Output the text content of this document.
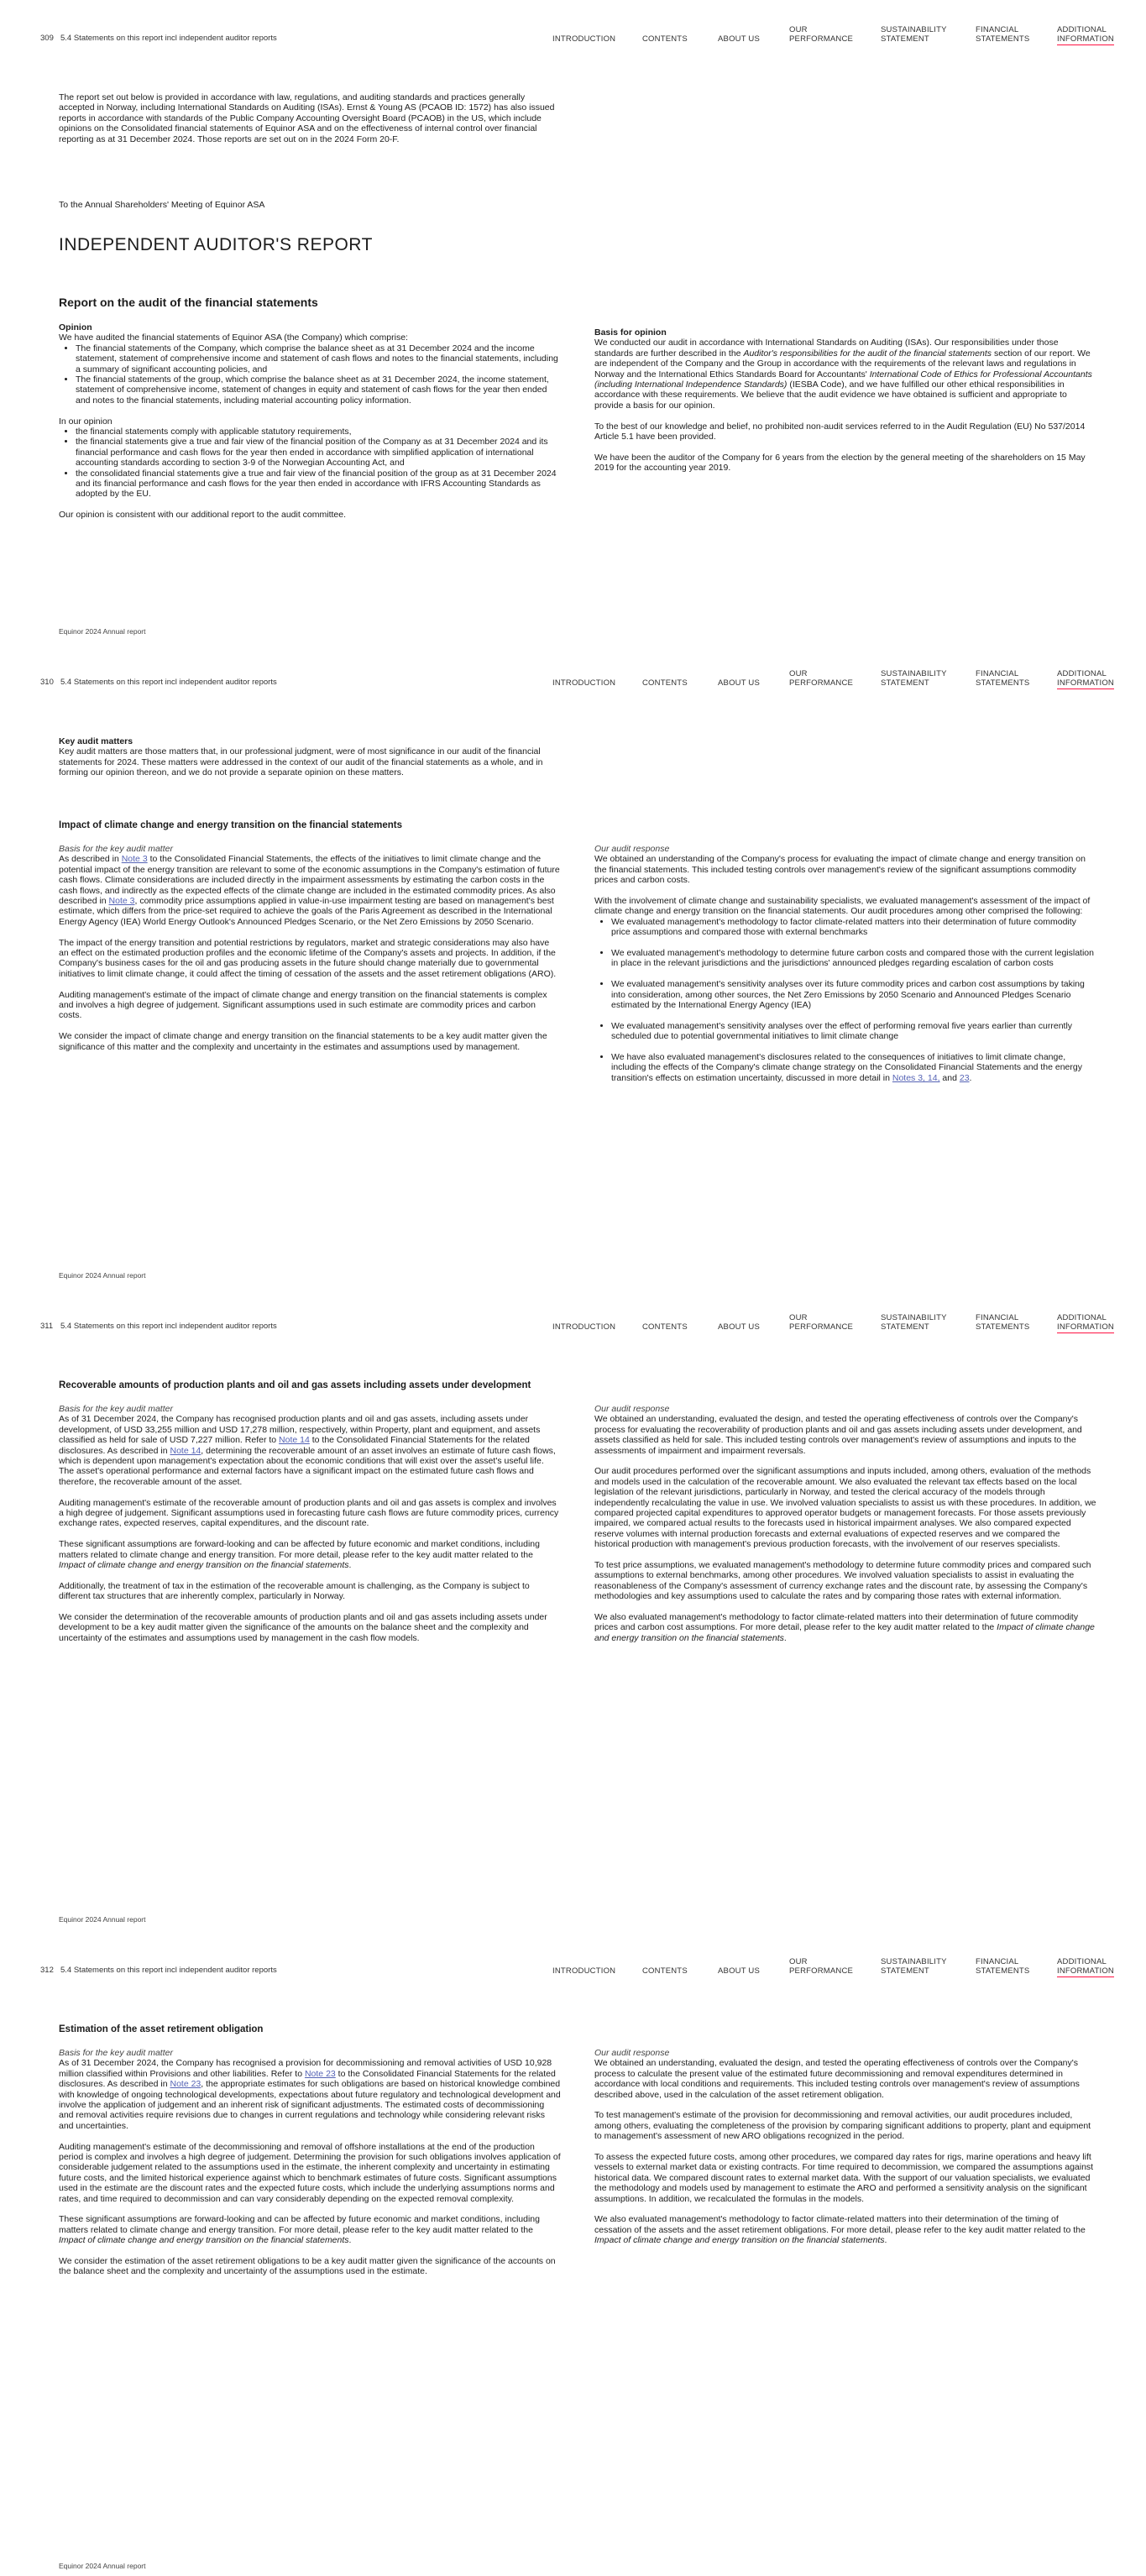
309 5.4 Statements on this report incl independent auditor reports	INTRODUCTION	CONTENTS	ABOUT US
OUR
PERFORMANCE
SUSTAINABILITY
STATEMENT
FINANCIAL
STATEMENTS
ADDITIONAL
INFORMATION

The report set out below is provided in accordance with law, regulations, and auditing standards and practices generally accepted in Norway, including International Standards on Auditing (ISAs). Ernst & Young AS (PCAOB ID: 1572) has also issued reports in accordance with standards of the Public Company Accounting Oversight Board (PCAOB) in the US, which include opinions on the Consolidated financial statements of Equinor ASA and on the effectiveness of internal control over financial reporting as at 31 December 2024. Those reports are set out on in the 2024 Form 20-F.

To the Annual Shareholders' Meeting of Equinor ASA

INDEPENDENT AUDITOR'S REPORT
Report on the audit of the financial statements
Opinion

We have audited the financial statements of Equinor ASA (the Company) which comprise:

• The financial statements of the Company, which comprise the balance sheet as at 31 December 2024 and the income statement, statement of comprehensive income and statement of cash flows and notes to the financial statements, including a summary of significant accounting policies, and
• The financial statements of the group, which comprise the balance sheet as at 31 December 2024, the income statement, statement of comprehensive income, statement of changes in equity and statement of cash flows for the year then ended and notes to the financial statements, including material accounting policy information.

In our opinion

• the financial statements comply with applicable statutory requirements,
• the financial statements give a true and fair view of the financial position of the Company as at 31 December 2024 and its financial performance and cash flows for the year then ended in accordance with simplified application of international accounting standards according to section 3-9 of the Norwegian Accounting Act, and
• the consolidated financial statements give a true and fair view of the financial position of the group as at 31 December 2024 and its financial performance and cash flows for the year then ended in accordance with IFRS Accounting Standards as adopted by the EU.

Our opinion is consistent with our additional report to the audit committee.

Basis for opinion

We conducted our audit in accordance with International Standards on Auditing (ISAs). Our responsibilities under those standards are further described in the Auditor's responsibilities for the audit of the financial statements section of our report. We are independent of the Company and the Group in accordance with the requirements of the relevant laws and regulations in Norway and the International Ethics Standards Board for Accountants' International Code of Ethics for Professional Accountants (including International Independence Standards) (IESBA Code), and we have fulfilled our other ethical responsibilities in accordance with these requirements. We believe that the audit evidence we have obtained is sufficient and appropriate to provide a basis for our opinion.

To the best of our knowledge and belief, no prohibited non-audit services referred to in the Audit Regulation (EU) No 537/2014 Article 5.1 have been provided.

We have been the auditor of the Company for 6 years from the election by the general meeting of the shareholders on 15 May 2019 for the accounting year 2019.

Equinor 2024 Annual report
310 5.4 Statements on this report incl independent auditor reports	INTRODUCTION	CONTENTS	ABOUT US
OUR
PERFORMANCE
SUSTAINABILITY
STATEMENT
FINANCIAL
STATEMENTS
ADDITIONAL
INFORMATION
Key audit matters

Key audit matters are those matters that, in our professional judgment, were of most significance in our audit of the financial statements for 2024. These matters were addressed in the context of our audit of the financial statements as a whole, and in forming our opinion thereon, and we do not provide a separate opinion on these matters.

Impact of climate change and energy transition on the financial statements

Basis for the key audit matter

As described in Note 3 to the Consolidated Financial Statements, the effects of the initiatives to limit climate change and the potential impact of the energy transition are relevant to some of the economic assumptions in the Company's estimation of future cash flows. Climate considerations are included directly in the impairment assessments by estimating the carbon costs in the cash flows, and indirectly as the expected effects of the climate change are included in the estimated commodity prices. As also described in Note 3, commodity price assumptions applied in value-in-use impairment testing are based on management's best estimate, which differs from the price-set required to achieve the goals of the Paris Agreement as described in the International Energy Agency (IEA) World Energy Outlook's Announced Pledges Scenario, or the Net Zero Emissions by 2050 Scenario.

The impact of the energy transition and potential restrictions by regulators, market and strategic considerations may also have an effect on the estimated production profiles and the economic lifetime of the Company's assets and projects. In addition, if the Company's business cases for the oil and gas producing assets in the future should change materially due to governmental initiatives to limit climate change, it could affect the timing of cessation of the assets and the asset retirement obligations (ARO).

Auditing management's estimate of the impact of climate change and energy transition on the financial statements is complex and involves a high degree of judgement. Significant assumptions used in such estimate are commodity prices and carbon costs.

We consider the impact of climate change and energy transition on the financial statements to be a key audit matter given the significance of this matter and the complexity and uncertainty in the estimates and assumptions used by management.

Our audit response

We obtained an understanding of the Company's process for evaluating the impact of climate change and energy transition on the financial statements. This included testing controls over management's review of the significant assumptions commodity prices and carbon costs.

With the involvement of climate change and sustainability specialists, we evaluated management's assessment of the impact of climate change and energy transition on the financial statements. Our audit procedures among other comprised the following:

• We evaluated management's methodology to factor climate-related matters into their determination of future commodity price assumptions and compared those with external benchmarks
• We evaluated management's methodology to determine future carbon costs and compared those with the current legislation in place in the relevant jurisdictions and the jurisdictions' announced pledges regarding escalation of carbon costs
• We evaluated management's sensitivity analyses over its future commodity prices and carbon cost assumptions by taking into consideration, among other sources, the Net Zero Emissions by 2050 Scenario and Announced Pledges Scenario estimated by the International Energy Agency (IEA)
• We evaluated management's sensitivity analyses over the effect of performing removal five years earlier than currently scheduled due to potential governmental initiatives to limit climate change
• We have also evaluated management's disclosures related to the consequences of initiatives to limit climate change, including the effects of the Company's climate change strategy on the Consolidated Financial Statements and the energy transition's effects on estimation uncertainty, discussed in more detail in Notes 3, 14, and 23.
Equinor 2024 Annual report
311 5.4 Statements on this report incl independent auditor reports	INTRODUCTION	CONTENTS	ABOUT US
OUR
PERFORMANCE
SUSTAINABILITY
STATEMENT
FINANCIAL
STATEMENTS
ADDITIONAL
INFORMATION
Recoverable amounts of production plants and oil and gas assets including assets under development

Basis for the key audit matter

As of 31 December 2024, the Company has recognised production plants and oil and gas assets, including assets under development, of USD 33,255 million and USD 17,278 million, respectively, within Property, plant and equipment, and assets classified as held for sale of USD 7,227 million. Refer to Note 14 to the Consolidated Financial Statements for the related disclosures. As described in Note 14, determining the recoverable amount of an asset involves an estimate of future cash flows, which is dependent upon management's expectation about the economic conditions that will exist over the asset's useful life. The asset's operational performance and external factors have a significant impact on the estimated future cash flows and therefore, the recoverable amount of the asset.

Auditing management's estimate of the recoverable amount of production plants and oil and gas assets is complex and involves a high degree of judgement. Significant assumptions used in forecasting future cash flows are future commodity prices, currency exchange rates, expected reserves, capital expenditures, and the discount rate.

These significant assumptions are forward-looking and can be affected by future economic and market conditions, including matters related to climate change and energy transition. For more detail, please refer to the key audit matter related to the Impact of climate change and energy transition on the financial statements.

Additionally, the treatment of tax in the estimation of the recoverable amount is challenging, as the Company is subject to different tax structures that are inherently complex, particularly in Norway.

We consider the determination of the recoverable amounts of production plants and oil and gas assets including assets under development to be a key audit matter given the significance of the amounts on the balance sheet and the complexity and uncertainty of the estimates and assumptions used by management in the cash flow models.

Our audit response

We obtained an understanding, evaluated the design, and tested the operating effectiveness of controls over the Company's process for evaluating the recoverability of production plants and oil and gas assets including assets under development, and assets classified as held for sale. This included testing controls over management's review of assumptions and inputs to the assessments of impairment and impairment reversals.

Our audit procedures performed over the significant assumptions and inputs included, among others, evaluation of the methods and models used in the calculation of the recoverable amount. We also evaluated the relevant tax effects based on the local legislation of the relevant jurisdictions, particularly in Norway, and tested the clerical accuracy of the models through independently recalculating the value in use. We involved valuation specialists to assist us with these procedures. In addition, we compared projected capital expenditures to approved operator budgets or management forecasts. For those assets previously impaired, we compared actual results to the forecasts used in historical impairment analyses. We also compared expected reserve volumes with internal production forecasts and external evaluations of expected reserves and we compared the historical production with management's previous production forecasts, with the involvement of our reserves specialists.

To test price assumptions, we evaluated management's methodology to determine future commodity prices and compared such assumptions to external benchmarks, among other procedures. We involved valuation specialists to assist in evaluating the reasonableness of the Company's assessment of currency exchange rates and the discount rate, by assessing the Company's methodologies and key assumptions used to calculate the rates and by comparing those rates with external information.

We also evaluated management's methodology to factor climate-related matters into their determination of future commodity prices and carbon cost assumptions. For more detail, please refer to the key audit matter related to the Impact of climate change and energy transition on the financial statements.

Equinor 2024 Annual report
312 5.4 Statements on this report incl independent auditor reports	INTRODUCTION	CONTENTS	ABOUT US
OUR
PERFORMANCE
SUSTAINABILITY
STATEMENT
FINANCIAL
STATEMENTS
ADDITIONAL
INFORMATION
Estimation of the asset retirement obligation

Basis for the key audit matter

As of 31 December 2024, the Company has recognised a provision for decommissioning and removal activities of USD 10,928 million classified within Provisions and other liabilities. Refer to Note 23 to the Consolidated Financial Statements for the related disclosures. As described in Note 23, the appropriate estimates for such obligations are based on historical knowledge combined with knowledge of ongoing technological developments, expectations about future regulatory and technological development and involve the application of judgement and an inherent risk of significant adjustments. The estimated costs of decommissioning and removal activities require revisions due to changes in current regulations and technology while considering relevant risks and uncertainties.

Auditing management's estimate of the decommissioning and removal of offshore installations at the end of the production period is complex and involves a high degree of judgement. Determining the provision for such obligations involves application of considerable judgement related to the assumptions used in the estimate, the inherent complexity and uncertainty in estimating future costs, and the limited historical experience against which to benchmark estimates of future costs. Significant assumptions used in the estimate are the discount rates and the expected future costs, which include the underlying assumptions norms and rates, and time required to decommission and can vary considerably depending on the expected removal complexity.

These significant assumptions are forward-looking and can be affected by future economic and market conditions, including matters related to climate change and energy transition. For more detail, please refer to the key audit matter related to the Impact of climate change and energy transition on the financial statements.

We consider the estimation of the asset retirement obligations to be a key audit matter given the significance of the accounts on the balance sheet and the complexity and uncertainty of the assumptions used in the estimate.

Our audit response

We obtained an understanding, evaluated the design, and tested the operating effectiveness of controls over the Company's process to calculate the present value of the estimated future decommissioning and removal expenditures determined in accordance with local conditions and requirements. This included testing controls over management's review of assumptions described above, used in the calculation of the asset retirement obligation.

To test management's estimate of the provision for decommissioning and removal activities, our audit procedures included, among others, evaluating the completeness of the provision by comparing significant additions to property, plant and equipment to management's assessment of new ARO obligations recognized in the period.

To assess the expected future costs, among other procedures, we compared day rates for rigs, marine operations and heavy lift vessels to external market data or existing contracts. For time required to decommission, we compared the assumptions against historical data. We compared discount rates to external market data. With the support of our valuation specialists, we evaluated the methodology and models used by management to estimate the ARO and performed a sensitivity analysis on the significant assumptions. In addition, we recalculated the formulas in the models.

We also evaluated management's methodology to factor climate-related matters into their determination of the timing of cessation of the assets and the asset retirement obligations. For more detail, please refer to the key audit matter related to the Impact of climate change and energy transition on the financial statements.

Equinor 2024 Annual report
